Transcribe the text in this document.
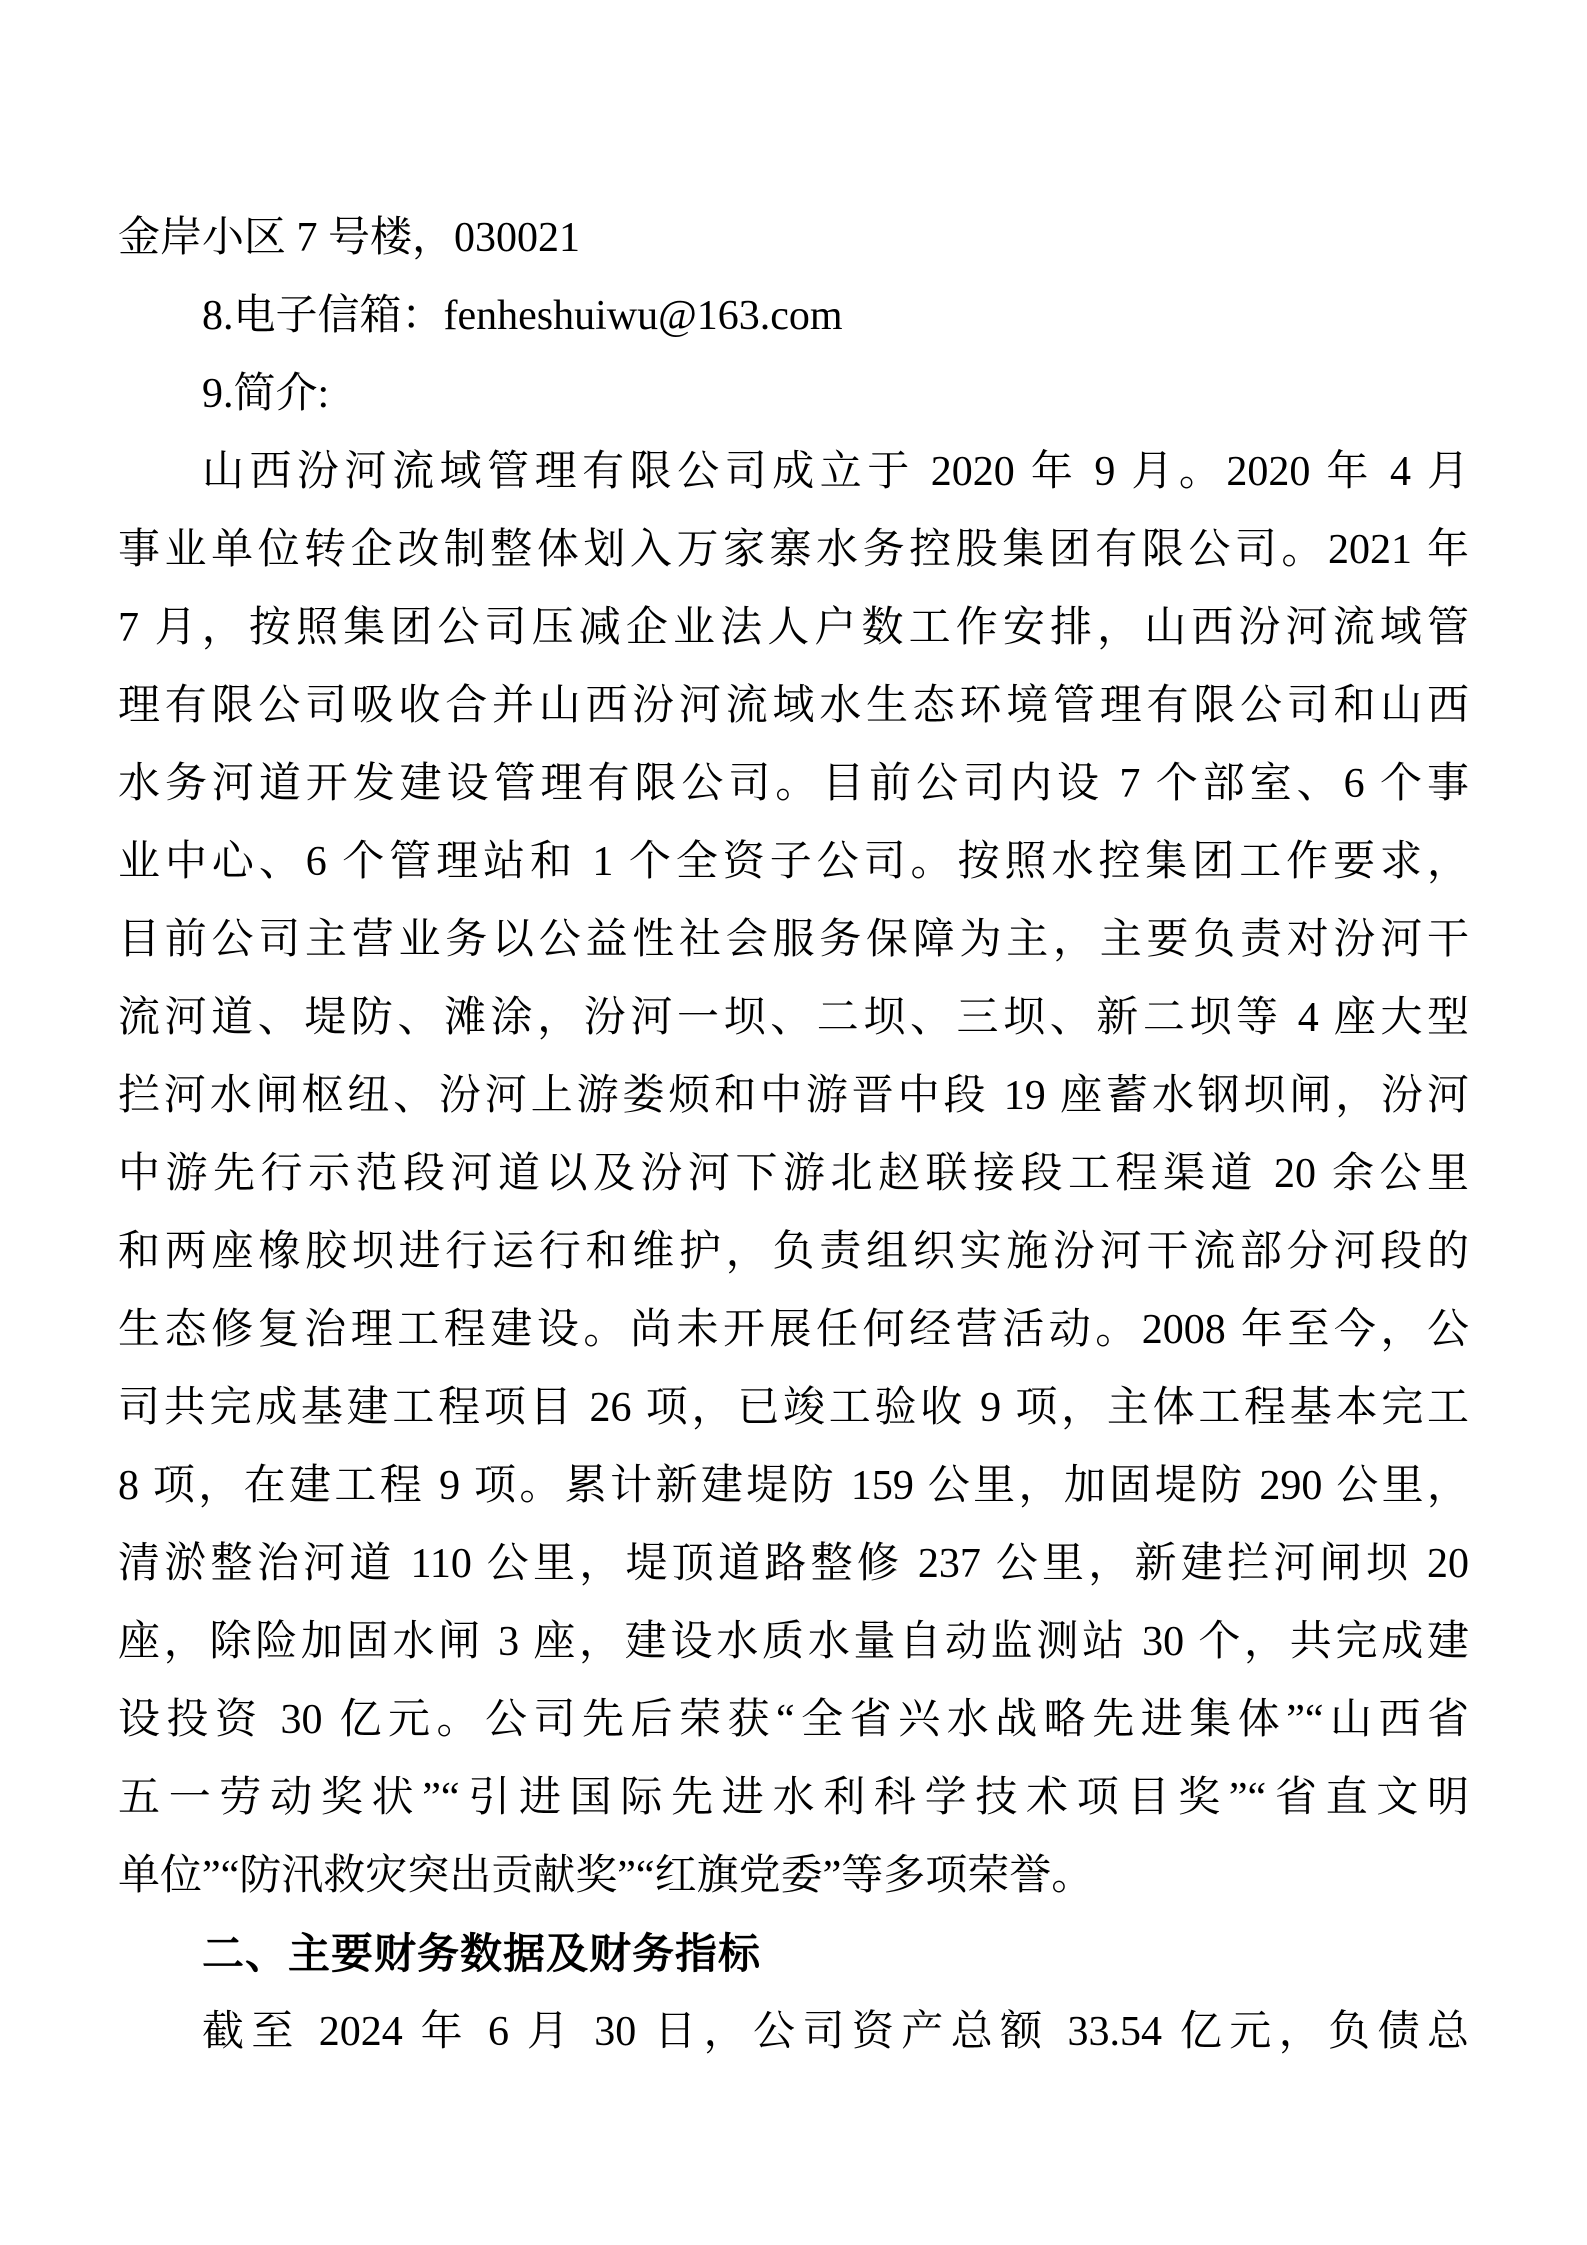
金岸小区 7 号楼，030021
8.电子信箱：fenheshuiwu@163.com
9.简介:
山西汾河流域管理有限公司成立于 2020 年 9 月。2020 年 4 月
事业单位转企改制整体划入万家寨水务控股集团有限公司。2021 年
7 月，按照集团公司压减企业法人户数工作安排，山西汾河流域管
理有限公司吸收合并山西汾河流域水生态环境管理有限公司和山西
水务河道开发建设管理有限公司。目前公司内设 7 个部室、6 个事
业中心、6 个管理站和 1 个全资子公司。按照水控集团工作要求，
目前公司主营业务以公益性社会服务保障为主，主要负责对汾河干
流河道、堤防、滩涂，汾河一坝、二坝、三坝、新二坝等 4 座大型
拦河水闸枢纽、汾河上游娄烦和中游晋中段 19 座蓄水钢坝闸，汾河
中游先行示范段河道以及汾河下游北赵联接段工程渠道 20 余公里
和两座橡胶坝进行运行和维护，负责组织实施汾河干流部分河段的
生态修复治理工程建设。尚未开展任何经营活动。2008 年至今，公
司共完成基建工程项目 26 项，已竣工验收 9 项，主体工程基本完工
8 项，在建工程 9 项。累计新建堤防 159 公里，加固堤防 290 公里，
清淤整治河道 110 公里，堤顶道路整修 237 公里，新建拦河闸坝 20
座，除险加固水闸 3 座，建设水质水量自动监测站 30 个，共完成建
设投资 30 亿元。公司先后荣获“全省兴水战略先进集体”“山西省
五一劳动奖状”“引进国际先进水利科学技术项目奖”“省直文明
单位”“防汛救灾突出贡献奖”“红旗党委”等多项荣誉。
二、主要财务数据及财务指标
截至 2024 年 6 月 30 日，公司资产总额 33.54 亿元，负债总
